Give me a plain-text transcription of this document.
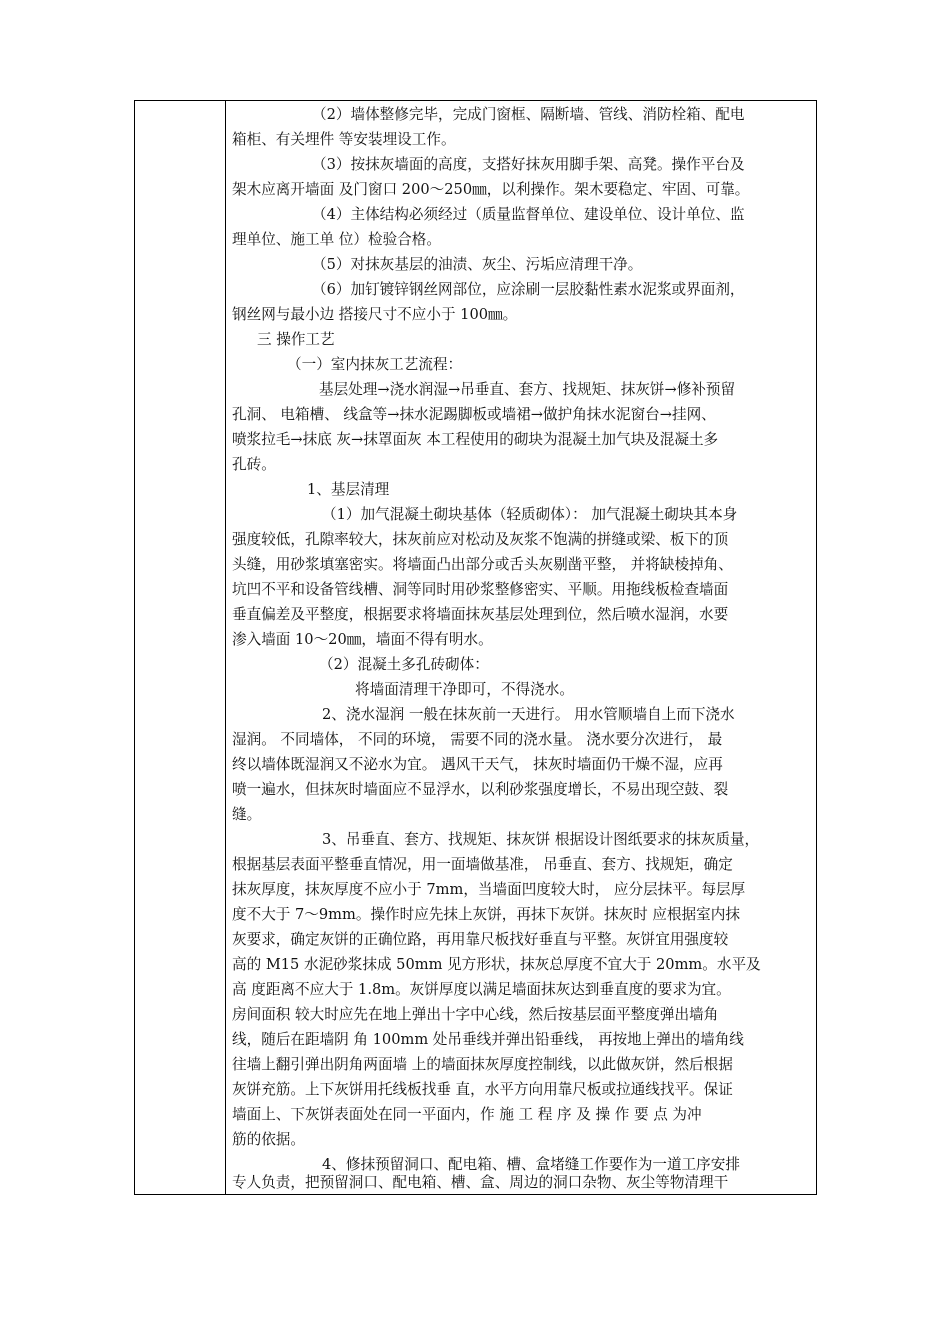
（2）墙体整修完毕，完成门窗框、隔断墙、管线、消防栓箱、配电
箱柜、有关埋件 等安装埋设工作。
（3）按抹灰墙面的高度，支搭好抹灰用脚手架、高凳。操作平台及
架木应离开墙面 及门窗口 200～250㎜，以利操作。架木要稳定、牢固、可靠。
（4）主体结构必须经过（质量监督单位、建设单位、设计单位、监
理单位、施工单 位）检验合格。
（5）对抹灰基层的油渍、灰尘、污垢应清理干净。
（6）加钉镀锌钢丝网部位，应涂刷一层胶黏性素水泥浆或界面剂，
钢丝网与最小边 搭接尺寸不应小于 100㎜。
三 操作工艺
（一）室内抹灰工艺流程：
基层处理→浇水润湿→吊垂直、套方、找规矩、抹灰饼→修补预留
孔洞、 电箱槽、 线盒等→抹水泥踢脚板或墙裙→做护角抹水泥窗台→挂网、
喷浆拉毛→抹底 灰→抹罩面灰 本工程使用的砌块为混凝土加气块及混凝土多
孔砖。
1、基层清理
（1）加气混凝土砌块基体（轻质砌体）： 加气混凝土砌块其本身
强度较低，孔隙率较大，抹灰前应对松动及灰浆不饱满的拼缝或梁、板下的顶
头缝，用砂浆填塞密实。将墙面凸出部分或舌头灰剔凿平整， 并将缺棱掉角、
坑凹不平和设备管线槽、洞等同时用砂浆整修密实、平顺。用拖线板检查墙面
垂直偏差及平整度，根据要求将墙面抹灰基层处理到位，然后喷水湿润，水要
渗入墙面 10～20㎜，墙面不得有明水。
（2）混凝土多孔砖砌体：
将墙面清理干净即可，不得浇水。
2、浇水湿润 一般在抹灰前一天进行。 用水管顺墙自上而下浇水
湿润。 不同墙体， 不同的环境， 需要不同的浇水量。 浇水要分次进行， 最
终以墙体既湿润又不泌水为宜。 遇风干天气， 抹灰时墙面仍干燥不湿，应再
喷一遍水，但抹灰时墙面应不显浮水，以利砂浆强度增长，不易出现空鼓、裂
缝。
3、吊垂直、套方、找规矩、抹灰饼 根据设计图纸要求的抹灰质量，
根据基层表面平整垂直情况，用一面墙做基准， 吊垂直、套方、找规矩，确定
抹灰厚度，抹灰厚度不应小于 7mm，当墙面凹度较大时， 应分层抹平。每层厚
度不大于 7～9mm。操作时应先抹上灰饼，再抹下灰饼。抹灰时 应根据室内抹
灰要求，确定灰饼的正确位路，再用靠尺板找好垂直与平整。灰饼宜用强度较
高的 M15 水泥砂浆抹成 50mm 见方形状，抹灰总厚度不宜大于 20mm。水平及
高 度距离不应大于 1.8m。灰饼厚度以满足墙面抹灰达到垂直度的要求为宜。
房间面积 较大时应先在地上弹出十字中心线，然后按基层面平整度弹出墙角
线，随后在距墙阴 角 100mm 处吊垂线并弹出铅垂线， 再按地上弹出的墙角线
往墙上翻引弹出阴角两面墙 上的墙面抹灰厚度控制线，以此做灰饼，然后根据
灰饼充筋。上下灰饼用托线板找垂 直，水平方向用靠尺板或拉通线找平。保证
墙面上、下灰饼表面处在同一平面内，作 施 工 程 序 及 操 作 要 点 为冲
筋的依据。
4、修抹预留洞口、配电箱、槽、盒堵缝工作要作为一道工序安排
专人负责，把预留洞口、配电箱、槽、盒、周边的洞口杂物、灰尘等物清理干
